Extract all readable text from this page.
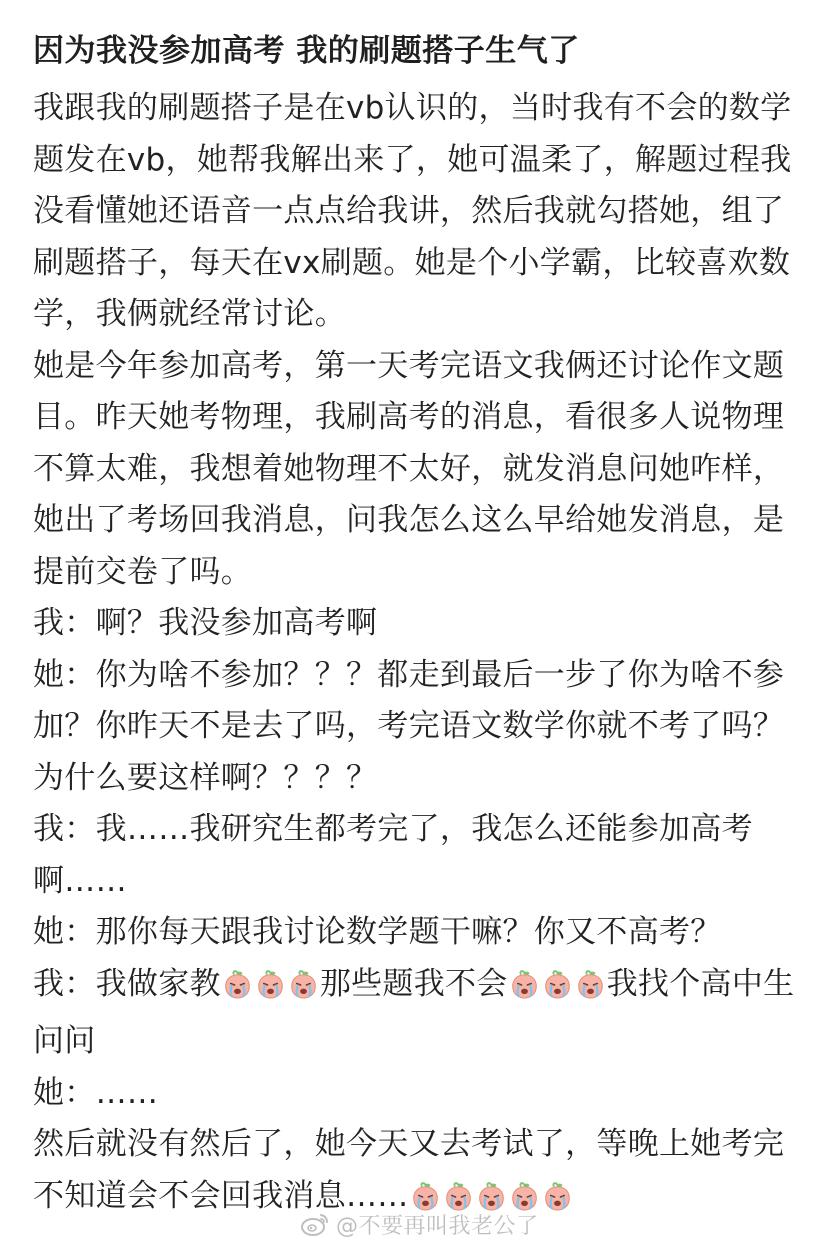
因为我没参加高考 我的刷题搭子生气了

我跟我的刷题搭子是在vb认识的，当时我有不会的数学题发在vb，她帮我解出来了，她可温柔了，解题过程我没看懂她还语音一点点给我讲，然后我就勾搭她，组了刷题搭子，每天在vx刷题。她是个小学霸，比较喜欢数学，我俩就经常讨论。

她是今年参加高考，第一天考完语文我俩还讨论作文题目。昨天她考物理，我刷高考的消息，看很多人说物理不算太难，我想着她物理不太好，就发消息问她咋样，她出了考场回我消息，问我怎么这么早给她发消息，是提前交卷了吗。

我：啊？我没参加高考啊

她：你为啥不参加？？？都走到最后一步了你为啥不参加？你昨天不是去了吗，考完语文数学你就不考了吗？为什么要这样啊？？？？

我：我……我研究生都考完了，我怎么还能参加高考啊……

她：那你每天跟我讨论数学题干嘛？你又不高考？

我：我做家教	那些题我不会	我找个高中生问问

她：……

然后就没有然后了，她今天又去考试了，等晚上她考完不知道会不会回我消息……

@不要再叫我老公了
